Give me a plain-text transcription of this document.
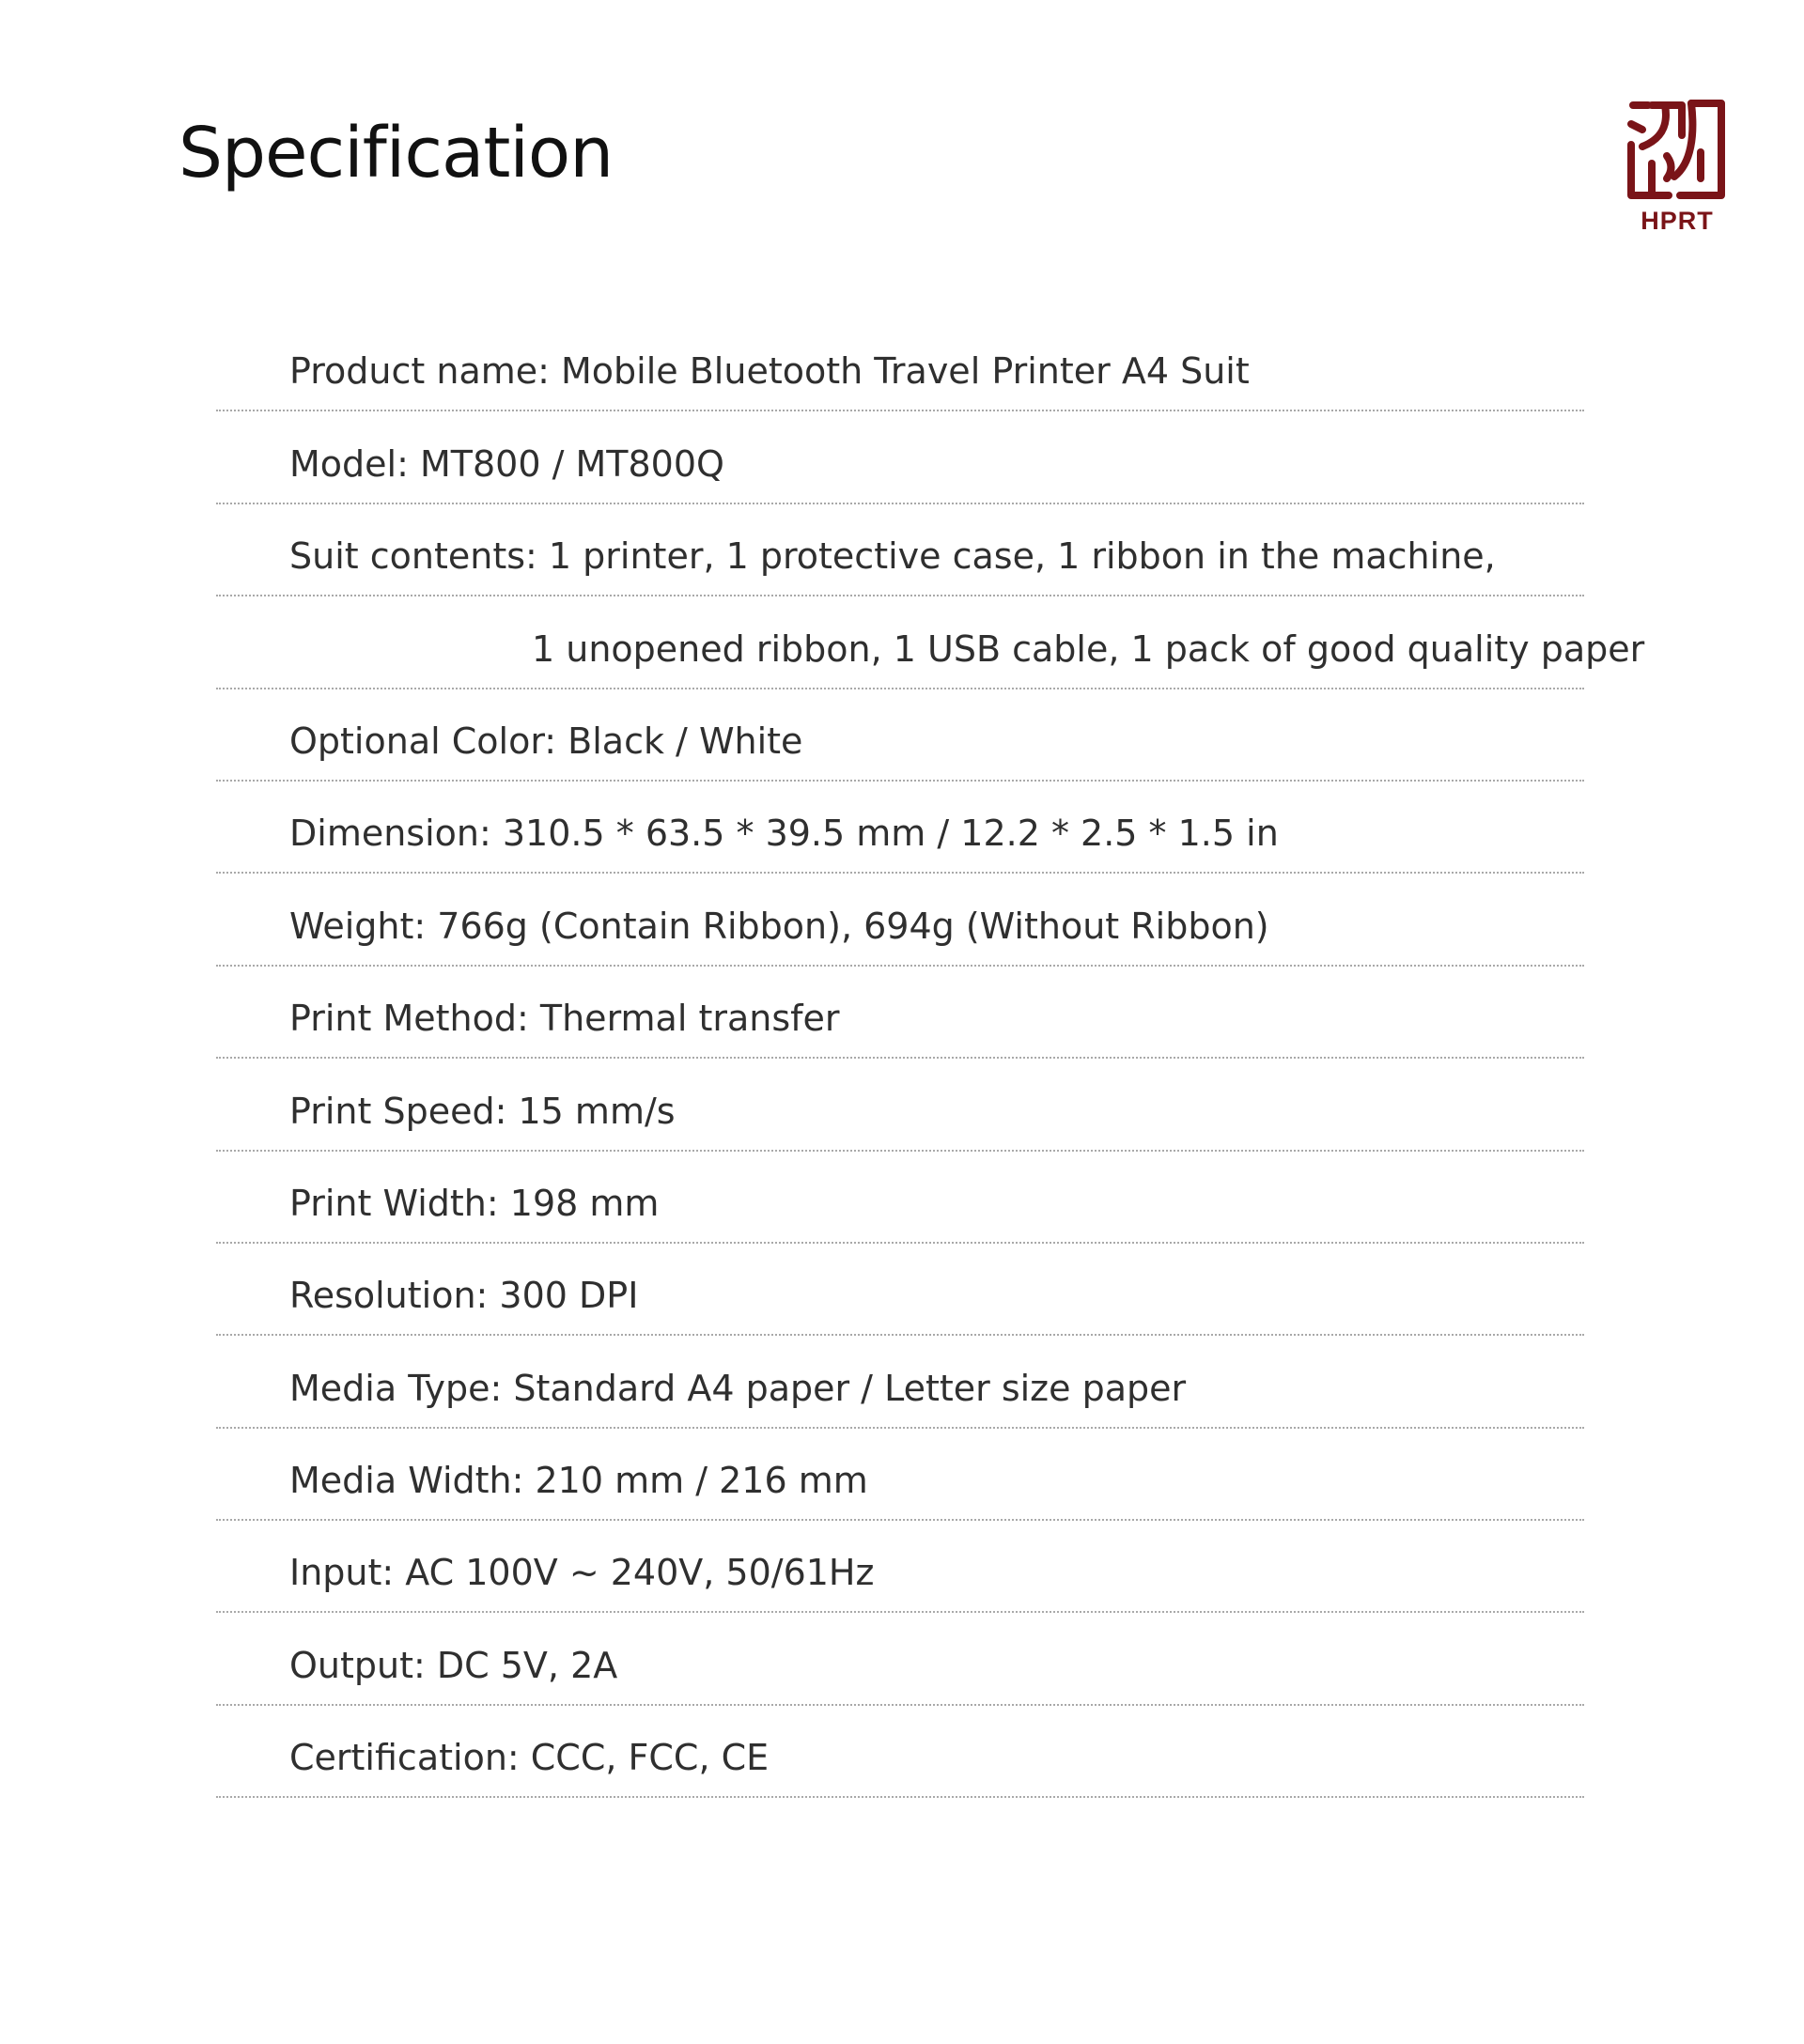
Specification
HPRT
Product name: Mobile Bluetooth Travel Printer A4 Suit
Model: MT800 / MT800Q
Suit contents: 1 printer, 1 protective case, 1 ribbon in the machine,
1 unopened ribbon, 1 USB cable, 1 pack of good quality paper
Optional Color: Black / White
Dimension: 310.5 * 63.5 * 39.5 mm / 12.2 * 2.5 * 1.5 in
Weight: 766g (Contain Ribbon), 694g (Without Ribbon)
Print Method: Thermal transfer
Print Speed: 15 mm/s
Print Width: 198 mm
Resolution: 300 DPI
Media Type: Standard A4 paper / Letter size paper
Media Width: 210 mm / 216 mm
Input: AC 100V ~ 240V, 50/61Hz
Output: DC 5V, 2A
Certification: CCC, FCC, CE
